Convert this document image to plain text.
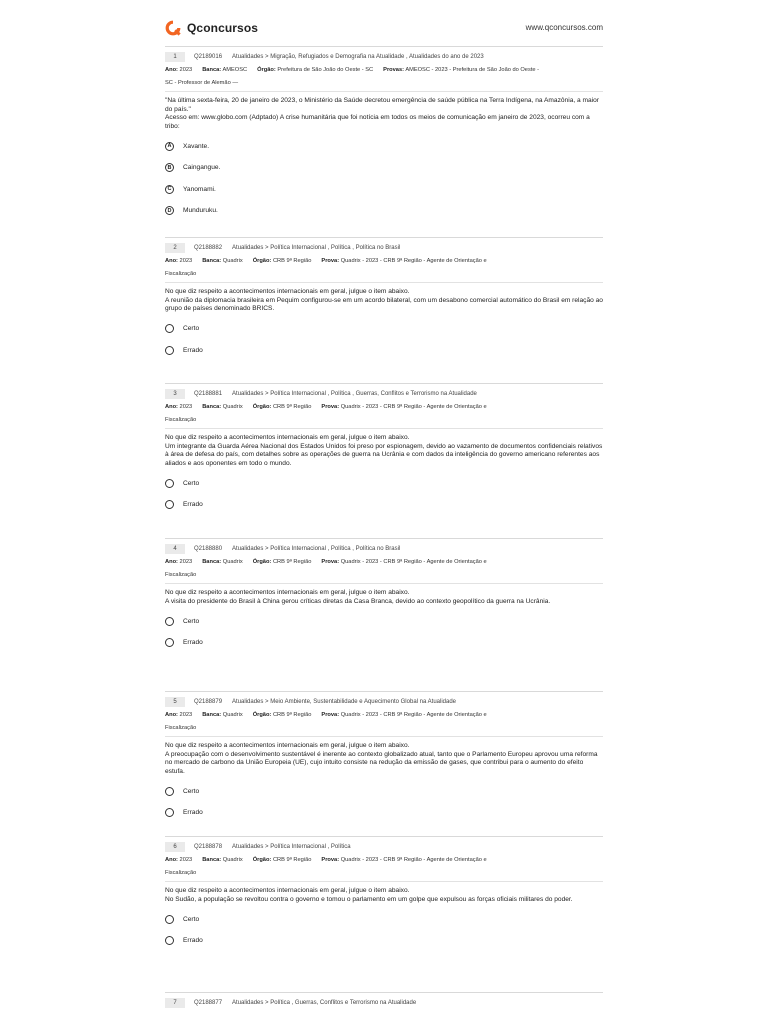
Qconcursos	www.qconcursos.com
1	Q2189016 Atualidades > Migração, Refugiados e Demografia na Atualidade , Atualidades do ano de 2023
Ano: 2023 Banca: AMEOSC Órgão: Prefeitura de São João do Oeste - SC Provas: AMEOSC - 2023 - Prefeitura de São João do Oeste -
SC - Professor de Alemão —

"Na última sexta-feira, 20 de janeiro de 2023, o Ministério da Saúde decretou emergência de saúde pública na Terra Indígena, na Amazônia, a maior do país."

Acesso em: www.globo.com (Adptado) A crise humanitária que foi notícia em todos os meios de comunicação em janeiro de 2023, ocorreu com a tribo:

A	Xavante.
B	Caingangue.
C	Yanomami.
D	Munduruku.
2	Q2188882 Atualidades > Política Internacional , Política , Política no Brasil
Ano: 2023 Banca: Quadrix Órgão: CRB 9ª Região Prova: Quadrix - 2023 - CRB 9ª Região - Agente de Orientação e
Fiscalização

No que diz respeito a acontecimentos internacionais em geral, julgue o item abaixo.

A reunião da diplomacia brasileira em Pequim configurou-se em um acordo bilateral, com um desabono comercial automático do Brasil em relação ao grupo de países denominado BRICS.

Certo
Errado
3	Q2188881 Atualidades > Política Internacional , Política , Guerras, Conflitos e Terrorismo na Atualidade
Ano: 2023 Banca: Quadrix Órgão: CRB 9ª Região Prova: Quadrix - 2023 - CRB 9ª Região - Agente de Orientação e
Fiscalização

No que diz respeito a acontecimentos internacionais em geral, julgue o item abaixo.

Um integrante da Guarda Aérea Nacional dos Estados Unidos foi preso por espionagem, devido ao vazamento de documentos confidenciais relativos à área de defesa do país, com detalhes sobre as operações de guerra na Ucrânia e com dados da inteligência do governo americano referentes aos aliados e aos oponentes em todo o mundo.

Certo
Errado
4	Q2188880 Atualidades > Política Internacional , Política , Política no Brasil
Ano: 2023 Banca: Quadrix Órgão: CRB 9ª Região Prova: Quadrix - 2023 - CRB 9ª Região - Agente de Orientação e
Fiscalização

No que diz respeito a acontecimentos internacionais em geral, julgue o item abaixo.

A visita do presidente do Brasil à China gerou críticas diretas da Casa Branca, devido ao contexto geopolítico da guerra na Ucrânia.

Certo
Errado
5	Q2188879 Atualidades > Meio Ambiente, Sustentabilidade e Aquecimento Global na Atualidade
Ano: 2023 Banca: Quadrix Órgão: CRB 9ª Região Prova: Quadrix - 2023 - CRB 9ª Região - Agente de Orientação e
Fiscalização

No que diz respeito a acontecimentos internacionais em geral, julgue o item abaixo.

A preocupação com o desenvolvimento sustentável é inerente ao contexto globalizado atual, tanto que o Parlamento Europeu aprovou uma reforma no mercado de carbono da União Europeia (UE), cujo intuito consiste na redução da emissão de gases, que contribui para o aumento do efeito estufa.

Certo
Errado
6	Q2188878 Atualidades > Política Internacional , Política
Ano: 2023 Banca: Quadrix Órgão: CRB 9ª Região Prova: Quadrix - 2023 - CRB 9ª Região - Agente de Orientação e
Fiscalização

No que diz respeito a acontecimentos internacionais em geral, julgue o item abaixo.

No Sudão, a população se revoltou contra o governo e tomou o parlamento em um golpe que expulsou as forças oficiais militares do poder.

Certo
Errado
7	Q2188877 Atualidades > Política , Guerras, Conflitos e Terrorismo na Atualidade
